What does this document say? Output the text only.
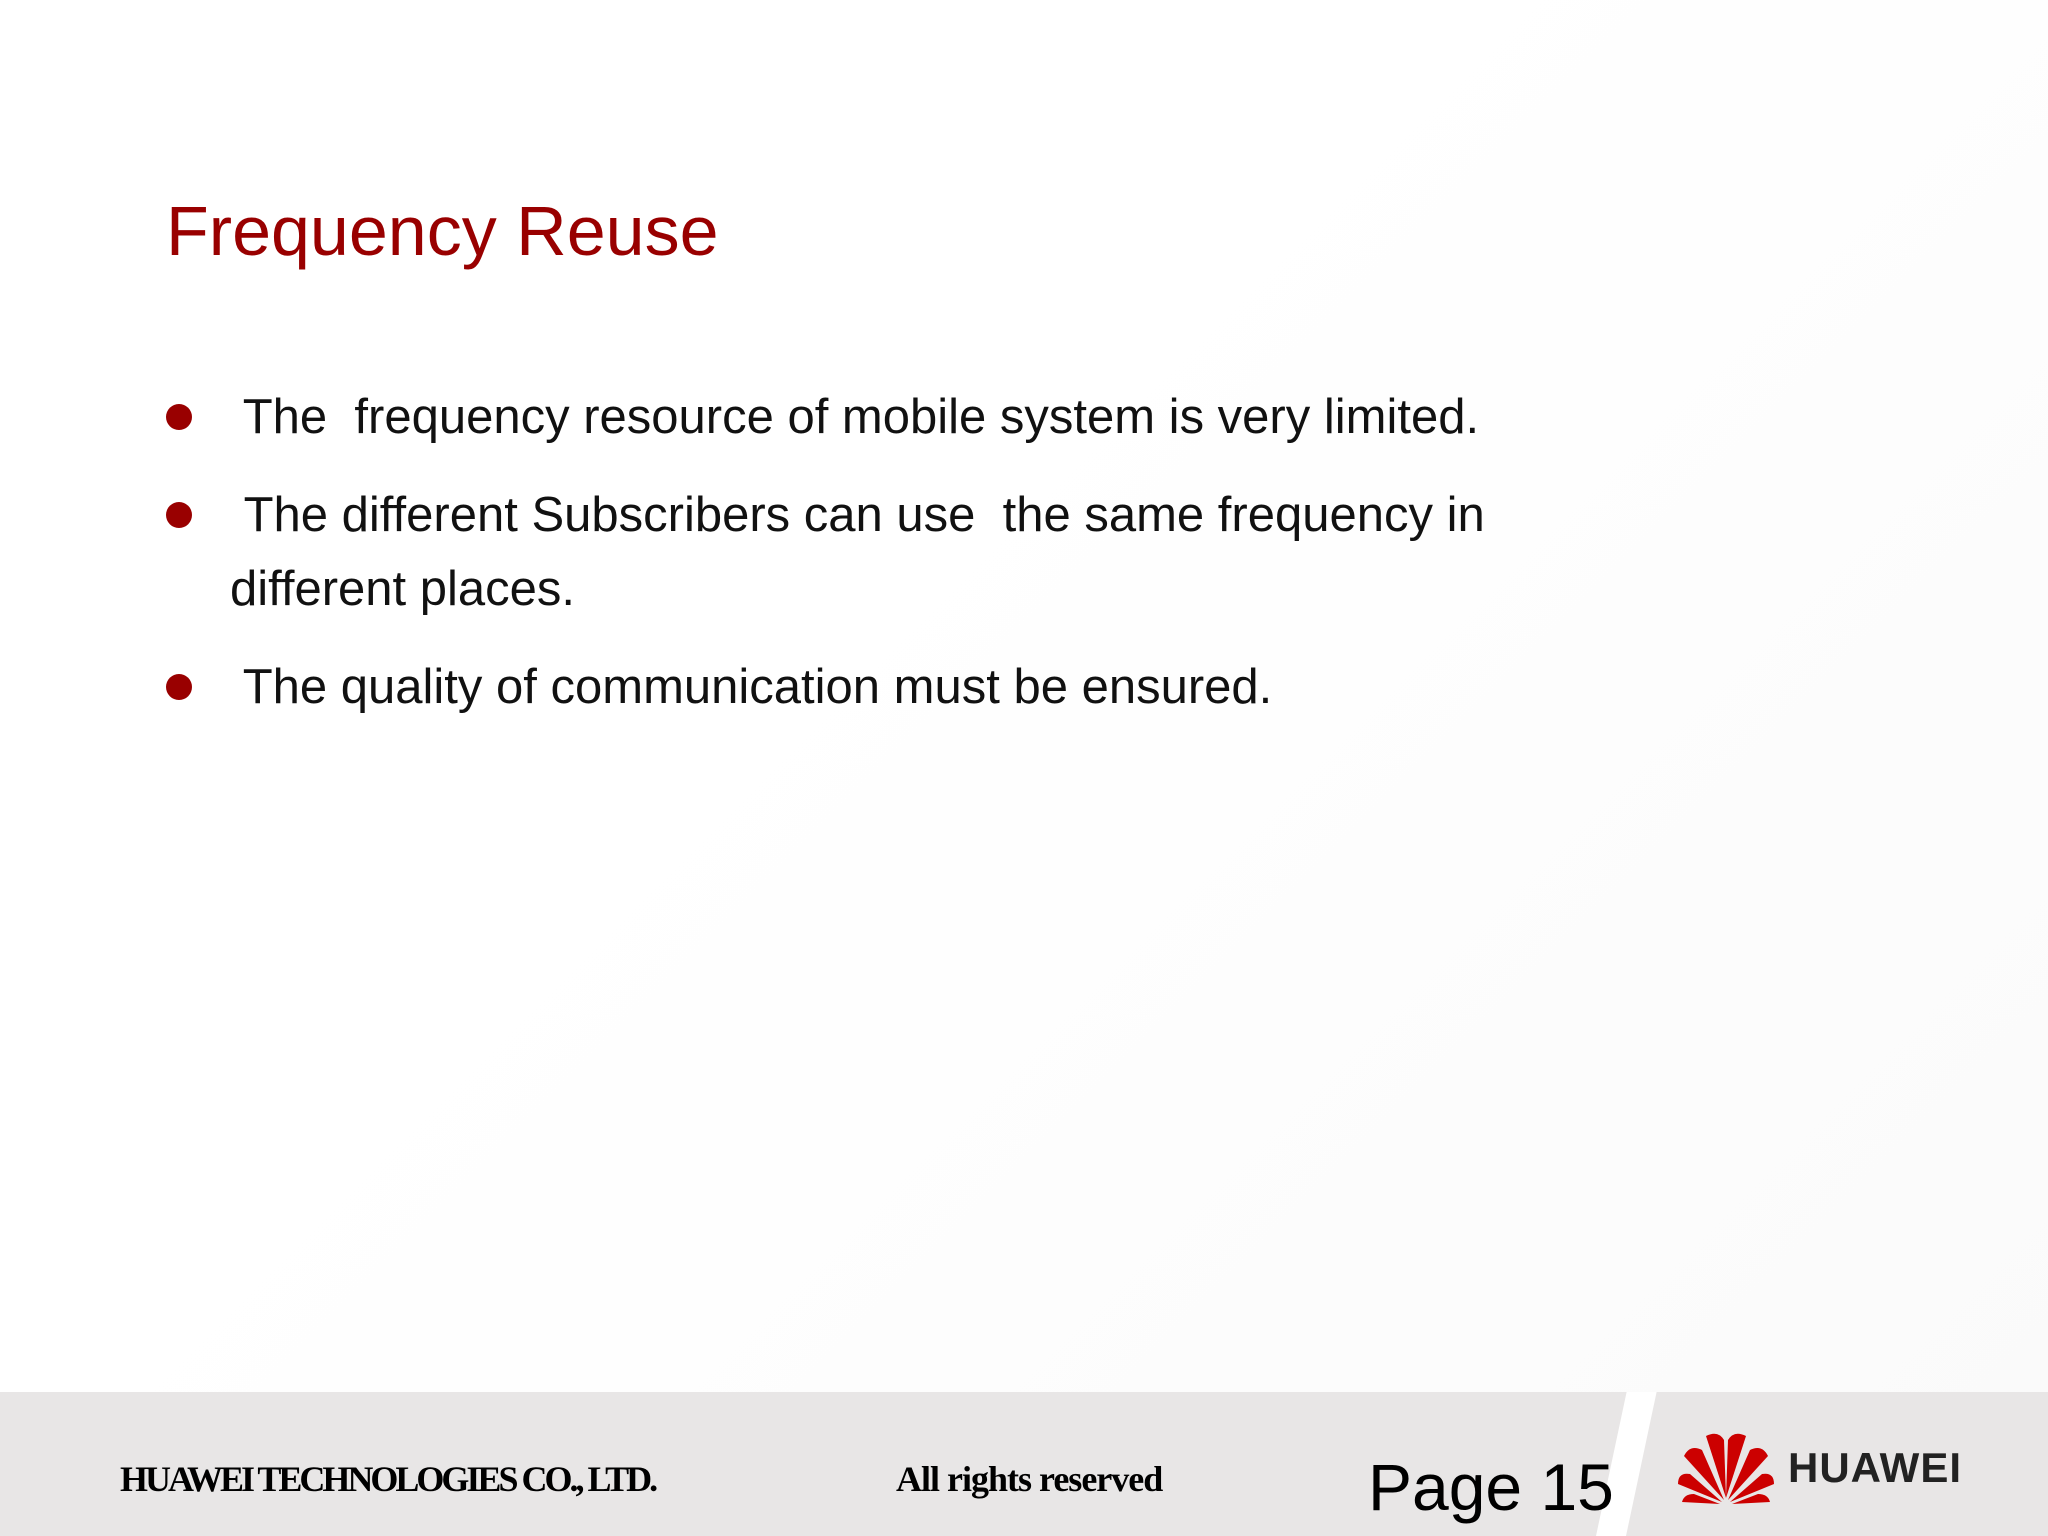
Frequency Reuse
The  frequency resource of mobile system is very limited.
The different Subscribers can use  the same frequency in different places.
The quality of communication must be ensured.
HUAWEI TECHNOLOGIES CO., LTD.	All rights reserved	Page 15	HUAWEI
